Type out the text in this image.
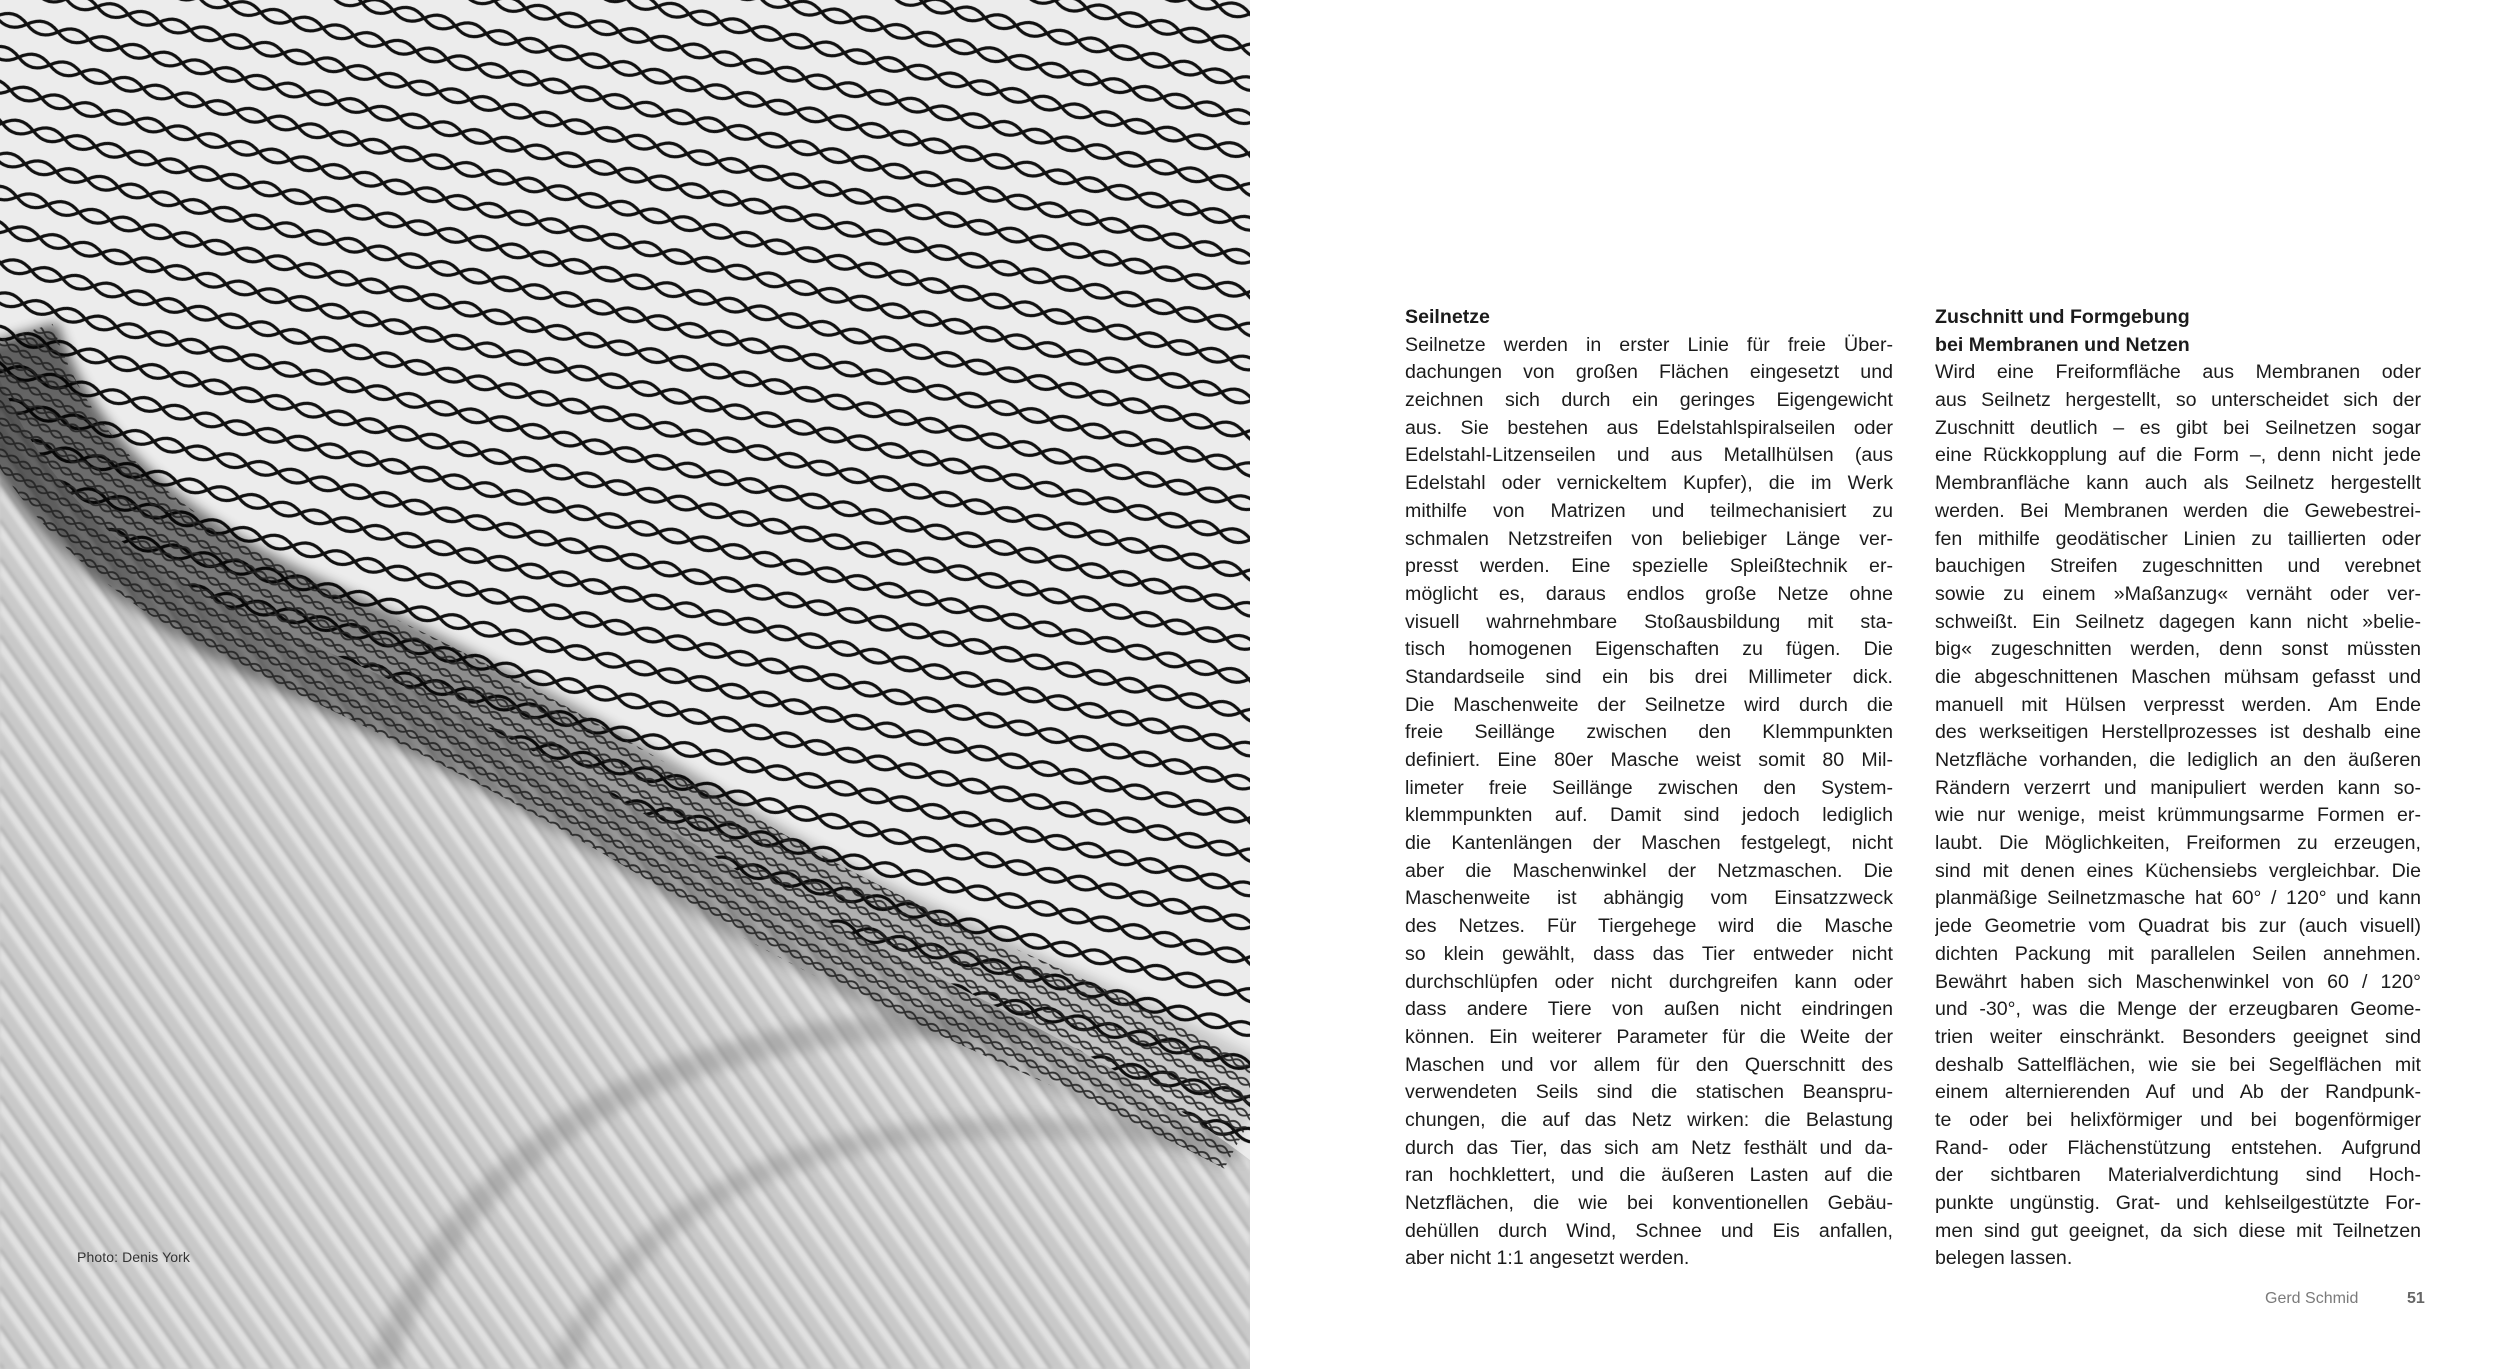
Photo: Denis York
Seilnetze
Seilnetze werden in erster Linie für freie Über-
dachungen von großen Flächen eingesetzt und
zeichnen sich durch ein geringes Eigengewicht
aus. Sie bestehen aus Edelstahlspiralseilen oder
Edelstahl-Litzenseilen und aus Metallhülsen (aus
Edelstahl oder vernickeltem Kupfer), die im Werk
mithilfe von Matrizen und teilmechanisiert zu
schmalen Netzstreifen von beliebiger Länge ver-
presst werden. Eine spezielle Spleißtechnik er-
möglicht es, daraus endlos große Netze ohne
visuell wahrnehmbare Stoßausbildung mit sta-
tisch homogenen Eigenschaften zu fügen. Die
Standardseile sind ein bis drei Millimeter dick.
Die Maschenweite der Seilnetze wird durch die
freie Seillänge zwischen den Klemmpunkten
definiert. Eine 80er Masche weist somit 80 Mil-
limeter freie Seillänge zwischen den System-
klemmpunkten auf. Damit sind jedoch lediglich
die Kantenlängen der Maschen festgelegt, nicht
aber die Maschenwinkel der Netzmaschen. Die
Maschenweite ist abhängig vom Einsatzzweck
des Netzes. Für Tiergehege wird die Masche
so klein gewählt, dass das Tier entweder nicht
durchschlüpfen oder nicht durchgreifen kann oder
dass andere Tiere von außen nicht eindringen
können. Ein weiterer Parameter für die Weite der
Maschen und vor allem für den Querschnitt des
verwendeten Seils sind die statischen Beanspru-
chungen, die auf das Netz wirken: die Belastung
durch das Tier, das sich am Netz festhält und da-
ran hochklettert, und die äußeren Lasten auf die
Netzflächen, die wie bei konventionellen Gebäu-
dehüllen durch Wind, Schnee und Eis anfallen,
aber nicht 1:1 angesetzt werden.
Zuschnitt und Formgebung
bei Membranen und Netzen
Wird eine Freiformfläche aus Membranen oder
aus Seilnetz hergestellt, so unterscheidet sich der
Zuschnitt deutlich – es gibt bei Seilnetzen sogar
eine Rückkopplung auf die Form –, denn nicht jede
Membranfläche kann auch als Seilnetz hergestellt
werden. Bei Membranen werden die Gewebestrei-
fen mithilfe geodätischer Linien zu taillierten oder
bauchigen Streifen zugeschnitten und verebnet
sowie zu einem »Maßanzug« vernäht oder ver-
schweißt. Ein Seilnetz dagegen kann nicht »belie-
big« zugeschnitten werden, denn sonst müssten
die abgeschnittenen Maschen mühsam gefasst und
manuell mit Hülsen verpresst werden. Am Ende
des werkseitigen Herstellprozesses ist deshalb eine
Netzfläche vorhanden, die lediglich an den äußeren
Rändern verzerrt und manipuliert werden kann so-
wie nur wenige, meist krümmungsarme Formen er-
laubt. Die Möglichkeiten, Freiformen zu erzeugen,
sind mit denen eines Küchensiebs vergleichbar. Die
planmäßige Seilnetzmasche hat 60° / 120° und kann
jede Geometrie vom Quadrat bis zur (auch visuell)
dichten Packung mit parallelen Seilen annehmen.
Bewährt haben sich Maschenwinkel von 60 / 120°
und -30°, was die Menge der erzeugbaren Geome-
trien weiter einschränkt. Besonders geeignet sind
deshalb Sattelflächen, wie sie bei Segelflächen mit
einem alternierenden Auf und Ab der Randpunk-
te oder bei helixförmiger und bei bogenförmiger
Rand- oder Flächenstützung entstehen. Aufgrund
der sichtbaren Materialverdichtung sind Hoch-
punkte ungünstig. Grat- und kehlseilgestützte For-
men sind gut geeignet, da sich diese mit Teilnetzen
belegen lassen.
Gerd Schmid	51
